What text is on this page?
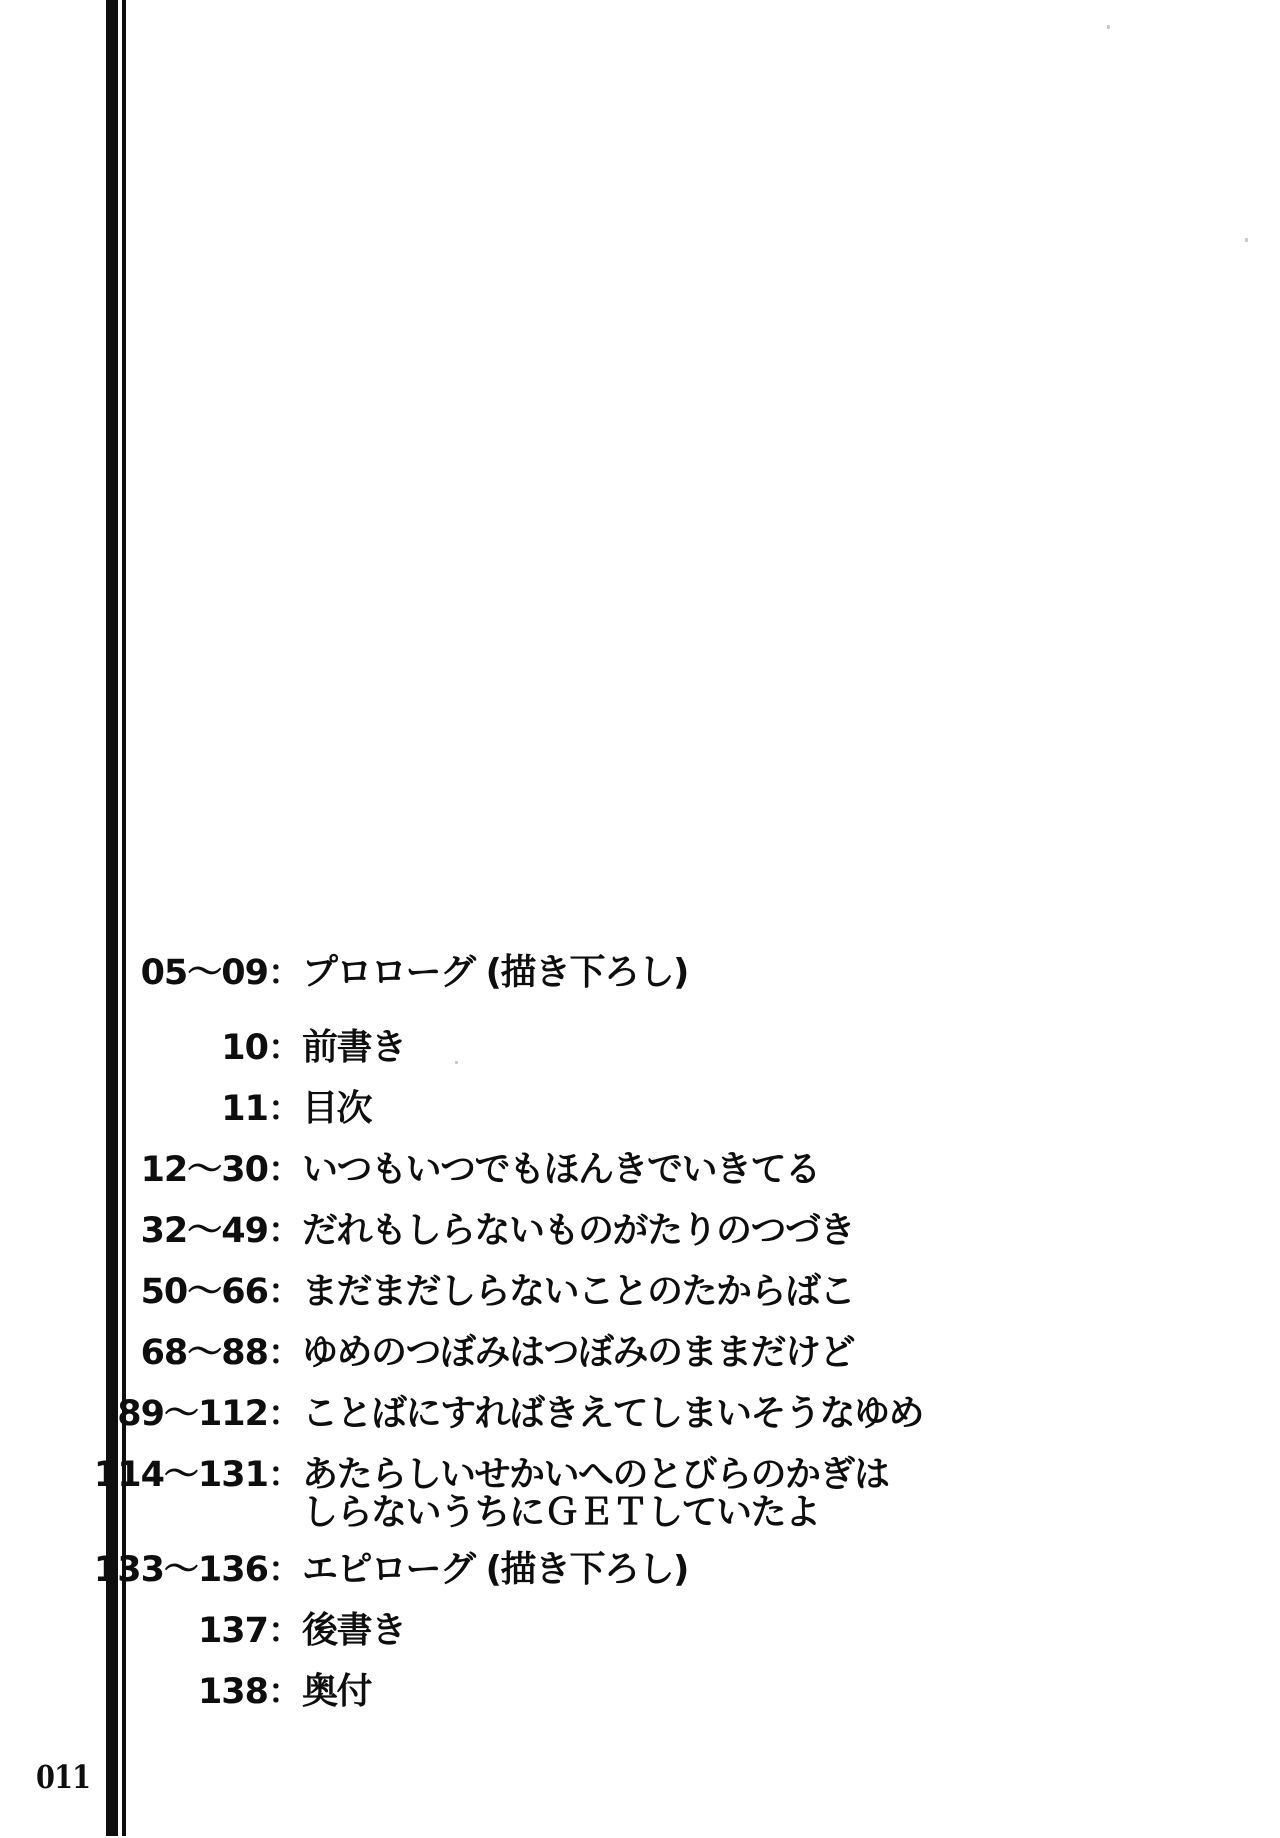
05〜09 ： プロローグ (描き下ろし)
10 ： 前書き
11 ： 目次
12〜30 ： いつもいつでもほんきでいきてる
32〜49 ： だれもしらないものがたりのつづき
50〜66 ： まだまだしらないことのたからばこ
68〜88 ： ゆめのつぼみはつぼみのままだけど
89〜112 ： ことばにすればきえてしまいそうなゆめ
114〜131 ： あたらしいせかいへのとびらのかぎは
しらないうちにＧＥＴしていたよ
133〜136 ： エピローグ (描き下ろし)
137 ： 後書き
138 ： 奥付
011
